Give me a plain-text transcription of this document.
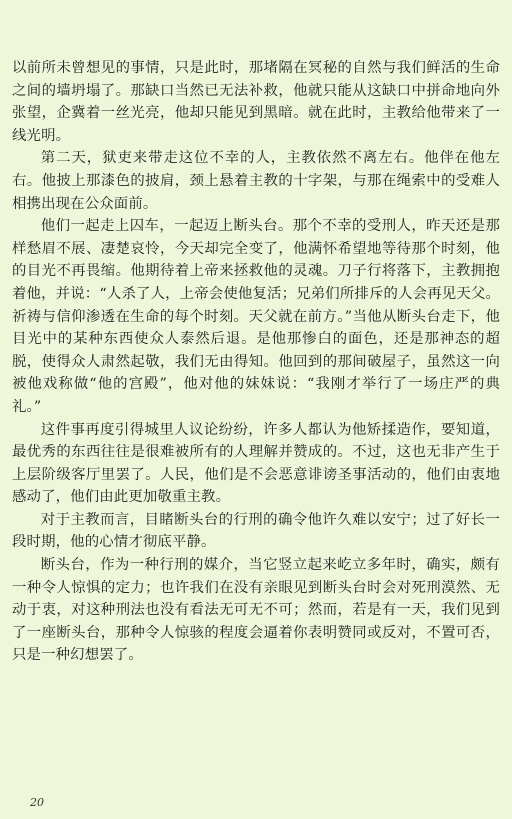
以前所未曾想见的事情，只是此时，那堵隔在冥秘的自然与我们鲜活的生命之间的墙坍塌了。那缺口当然已无法补救，他就只能从这缺口中拼命地向外张望，企冀着一丝光亮，他却只能见到黑暗。就在此时，主教给他带来了一线光明。

第二天，狱吏来带走这位不幸的人，主教依然不离左右。他伴在他左右。他披上那漆色的披肩，颈上悬着主教的十字架，与那在绳索中的受难人相携出现在公众面前。

他们一起走上囚车，一起迈上断头台。那个不幸的受刑人，昨天还是那样愁眉不展、凄楚哀怜，今天却完全变了，他满怀希望地等待那个时刻，他的目光不再畏缩。他期待着上帝来拯救他的灵魂。刀子行将落下，主教拥抱着他，并说：“人杀了人，上帝会使他复活；兄弟们所排斥的人会再见天父。祈祷与信仰渗透在生命的每个时刻。天父就在前方。”当他从断头台走下，他目光中的某种东西使众人泰然后退。是他那惨白的面色，还是那神态的超脱，使得众人肃然起敬，我们无由得知。他回到的那间破屋子，虽然这一向被他戏称做“他的宫殿”，他对他的妹妹说：“我刚才举行了一场庄严的典礼。”

这件事再度引得城里人议论纷纷，许多人都认为他矫揉造作，要知道，最优秀的东西往往是很难被所有的人理解并赞成的。不过，这也无非产生于上层阶级客厅里罢了。人民，他们是不会恶意诽谤圣事活动的，他们由衷地感动了，他们由此更加敬重主教。

对于主教而言，目睹断头台的行刑的确令他许久难以安宁；过了好长一段时期，他的心情才彻底平静。

断头台，作为一种行刑的媒介，当它竖立起来屹立多年时，确实，颇有一种令人惊惧的定力；也许我们在没有亲眼见到断头台时会对死刑漠然、无动于衷，对这种刑法也没有看法无可无不可；然而，若是有一天，我们见到了一座断头台，那种令人惊骇的程度会逼着你表明赞同或反对，不置可否，只是一种幻想罢了。

20
